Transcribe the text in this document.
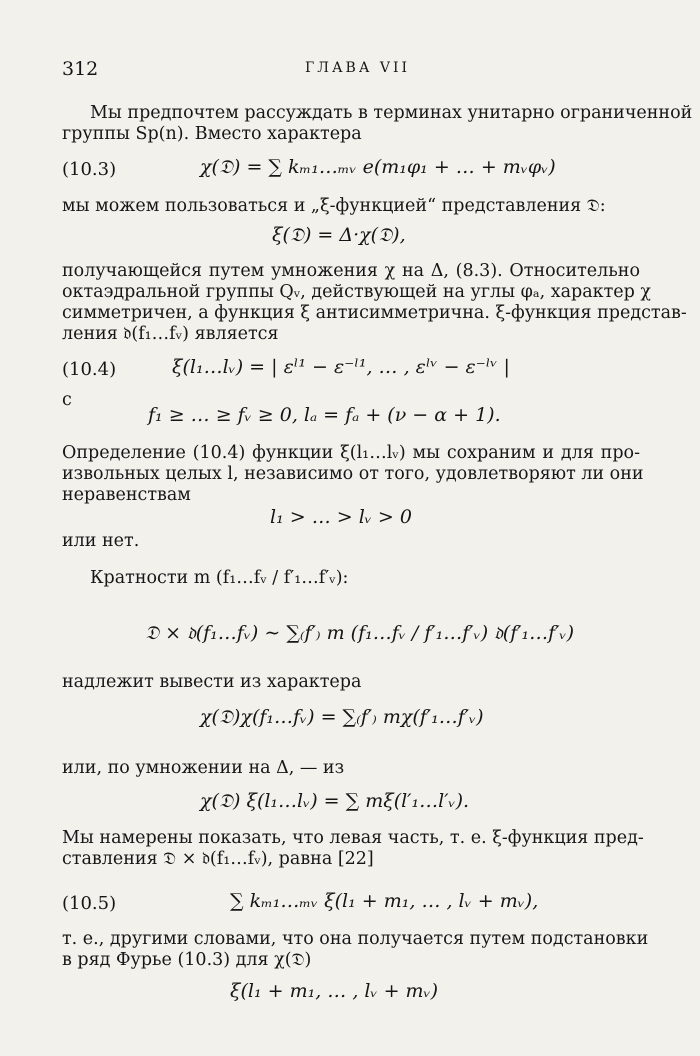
312	ГЛАВА VII
Мы предпочтем рассуждать в терминах унитарно ограниченной
группы Sp(n). Вместо характера
(10.3)	χ(𝔇) = ∑ kₘ₁…ₘᵥ e(m₁φ₁ + … + mᵥφᵥ)
мы можем пользоваться и „ξ-функцией“ представления 𝔇:
ξ(𝔇) = Δ·χ(𝔇),
получающейся путем умножения χ на Δ, (8.3). Относительно
октаэдральной группы Qᵥ, действующей на углы φₐ, характер χ
симметричен, а функция ξ антисимметрична. ξ-функция представ-
ления 𝔡(f₁…fᵥ) является
(10.4)	ξ(l₁…lᵥ) = | εˡ¹ − ε⁻ˡ¹, … , εˡᵛ − ε⁻ˡᵛ |
с
f₁ ≥ … ≥ fᵥ ≥ 0, lₐ = fₐ + (ν − α + 1).
Определение (10.4) функции ξ(l₁…lᵥ) мы сохраним и для про-
извольных целых l, независимо от того, удовлетворяют ли они
неравенствам
l₁ > … > lᵥ > 0
или нет.
Кратности m (f₁…fᵥ / f′₁…f′ᵥ):
𝔇 × 𝔡(f₁…fᵥ) ∼ ∑₍f′₎ m (f₁…fᵥ / f′₁…f′ᵥ) 𝔡(f′₁…f′ᵥ)
надлежит вывести из характера
χ(𝔇)χ(f₁…fᵥ) = ∑₍f′₎ mχ(f′₁…f′ᵥ)
или, по умножении на Δ, — из
χ(𝔇) ξ(l₁…lᵥ) = ∑ mξ(l′₁…l′ᵥ).
Мы намерены показать, что левая часть, т. е. ξ-функция пред-
ставления 𝔇 × 𝔡(f₁…fᵥ), равна [22]
(10.5)	∑ kₘ₁…ₘᵥ ξ(l₁ + m₁, … , lᵥ + mᵥ),
т. е., другими словами, что она получается путем подстановки
в ряд Фурье (10.3) для χ(𝔇)
ξ(l₁ + m₁, … , lᵥ + mᵥ)
